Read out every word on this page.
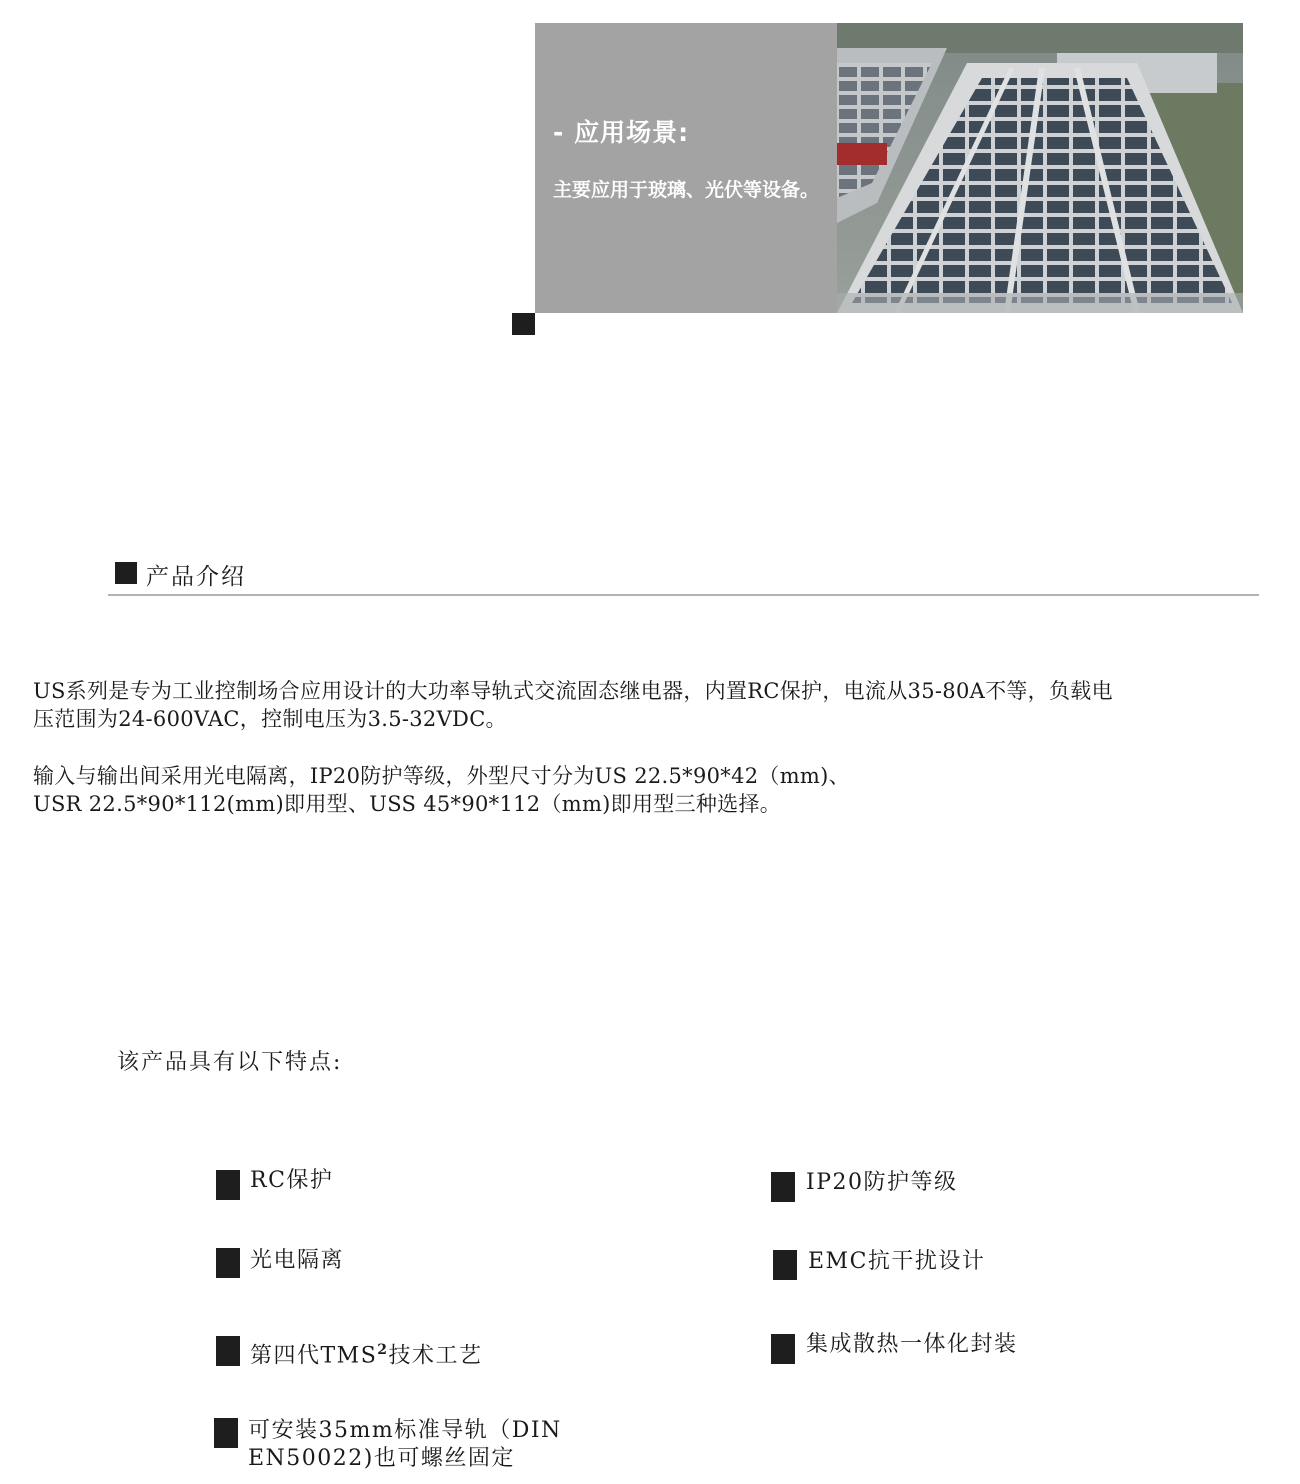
- 应用场景:
主要应用于玻璃、光伏等设备。
产品介绍
US系列是专为工业控制场合应用设计的大功率导轨式交流固态继电器，内置RC保护，电流从35-80A不等，负载电
压范围为24-600VAC，控制电压为3.5-32VDC。
输入与输出间采用光电隔离，IP20防护等级，外型尺寸分为US 22.5*90*42（mm)、
USR 22.5*90*112(mm)即用型、USS 45*90*112（mm)即用型三种选择。
该产品具有以下特点:
RC保护	IP20防护等级
光电隔离	EMC抗干扰设计
第四代TMS$^2$技术工艺	集成散热一体化封装
可安装35mm标准导轨（DIN
EN50022)也可螺丝固定
